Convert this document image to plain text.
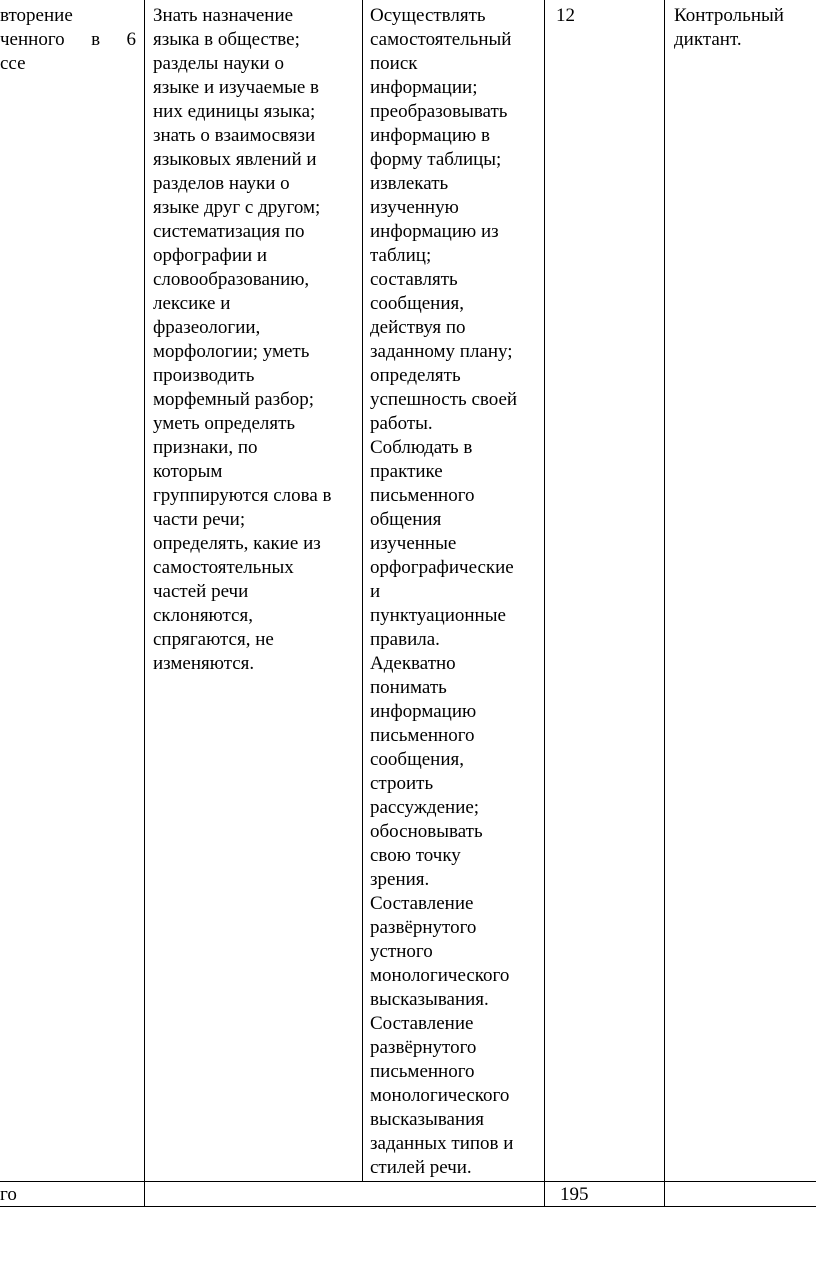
вторение
ченного в 6
ссе
Знать назначение
языка в обществе;
разделы науки о
языке и изучаемые в
них единицы языка;
знать о взаимосвязи
языковых явлений и
разделов науки о
языке друг с другом;
систематизация по
орфографии и
словообразованию,
лексике и
фразеологии,
морфологии; уметь
производить
морфемный разбор;
уметь определять
признаки, по
которым
группируются слова в
части речи;
определять, какие из
самостоятельных
частей речи
склоняются,
спрягаются, не
изменяются.
Осуществлять
самостоятельный
поиск
информации;
преобразовывать
информацию в
форму таблицы;
извлекать
изученную
информацию из
таблиц;
составлять
сообщения,
действуя по
заданному плану;
определять
успешность своей
работы.
Соблюдать в
практике
письменного
общения
изученные
орфографические
и
пунктуационные
правила.
Адекватно
понимать
информацию
письменного
сообщения,
строить
рассуждение;
обосновывать
свою точку
зрения.
Составление
развёрнутого
устного
монологического
высказывания.
Составление
развёрнутого
письменного
монологического
высказывания
заданных типов и
стилей речи.
12	Контрольный
диктант.
го	195
